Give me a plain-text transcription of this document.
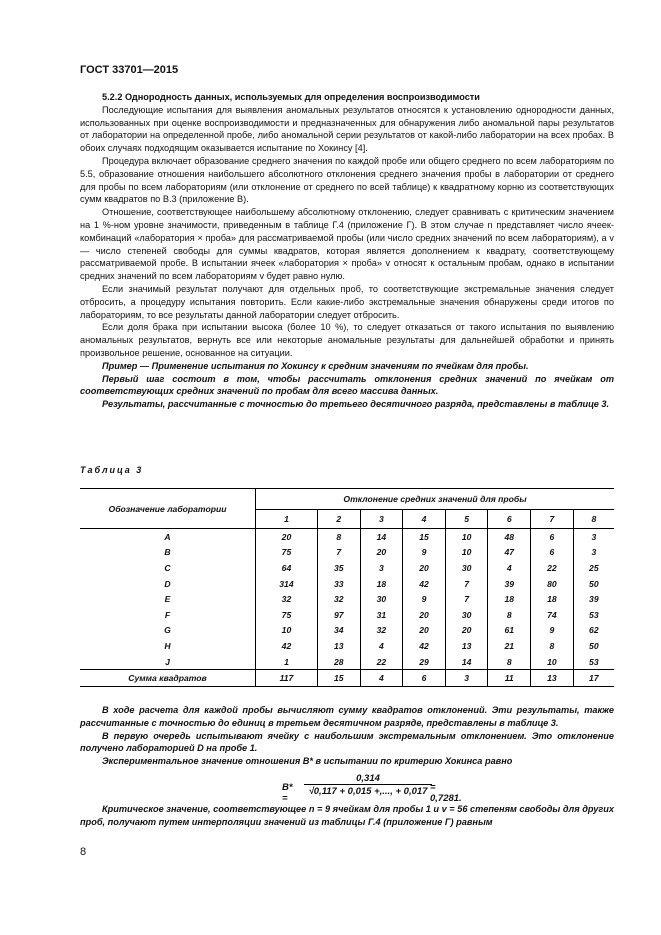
ГОСТ 33701—2015

5.2.2 Однородность данных, используемых для определения воспроизводимости

Последующие испытания для выявления аномальных результатов относятся к установлению однородности данных, использованных при оценке воспроизводимости и предназначенных для обнаружения либо аномальной пары результатов от лаборатории на определенной пробе, либо аномальной серии результатов от какой-либо лаборатории на всех пробах. В обоих случаях подходящим оказывается испытание по Хокинсу [4].

Процедура включает образование среднего значения по каждой пробе или общего среднего по всем лабораториям по 5.5, образование отношения наибольшего абсолютного отклонения среднего значения пробы в лаборатории от среднего для пробы по всем лабораториям (или отклонение от среднего по всей таблице) к квадратному корню из соответствующих сумм квадратов по В.3 (приложение В).

Отношение, соответствующее наибольшему абсолютному отклонению, следует сравнивать с критическим значением на 1 %-ном уровне значимости, приведенным в таблице Г.4 (приложение Г). В этом случае n представляет число ячеек-комбинаций «лаборатория × проба» для рассматриваемой пробы (или число средних значений по всем лабораториям), а v — число степеней свободы для суммы квадратов, которая является дополнением к квадрату, соответствующему рассматриваемой пробе. В испытании ячеек «лаборатория × проба» v относят к остальным пробам, однако в испытании средних значений по всем лабораториям v будет равно нулю.

Если значимый результат получают для отдельных проб, то соответствующие экстремальные значения следует отбросить, а процедуру испытания повторить. Если какие-либо экстремальные значения обнаружены среди итогов по лабораториям, то все результаты данной лаборатории следует отбросить.

Если доля брака при испытании высока (более 10 %), то следует отказаться от такого испытания по выявлению аномальных результатов, вернуть все или некоторые аномальные результаты для дальнейшей обработки и принять произвольное решение, основанное на ситуации.

Пример — Применение испытания по Хокинсу к средним значениям по ячейкам для пробы.

Первый шаг состоит в том, чтобы рассчитать отклонения средних значений по ячейкам от соответствующих средних значений по пробам для всего массива данных.

Результаты, рассчитанные с точностью до третьего десятичного разряда, представлены в таблице 3.

Таблица 3
Обозначение лаборатории	Отклонение средних значений для пробы							
	1	2	3	4	5	6	7	8
A	20	8	14	15	10	48	6	3
B	75	7	20	9	10	47	6	3
C	64	35	3	20	30	4	22	25
D	314	33	18	42	7	39	80	50
E	32	32	30	9	7	18	18	39
F	75	97	31	20	30	8	74	53
G	10	34	32	20	20	61	9	62
H	42	13	4	42	13	21	8	50
J	1	28	22	29	14	8	10	53
Сумма квадратов	117	15	4	6	3	11	13	17

В ходе расчета для каждой пробы вычисляют сумму квадратов отклонений. Эти результаты, также рассчитанные с точностью до единиц в третьем десятичном разряде, представлены в таблице 3.

В первую очередь испытывают ячейку с наибольшим экстремальным отклонением. Это отклонение получено лабораторией D на пробе 1.

Экспериментальное значение отношения B* в испытании по критерию Хокинса равно

B* =
0,314
√0,117 + 0,015 +,..., + 0,017 = 0,7281.

Критическое значение, соответствующее n = 9 ячейкам для пробы 1 и v = 56 степеням свободы для других проб, получают путем интерполяции значений из таблицы Г.4 (приложение Г) равным

8
